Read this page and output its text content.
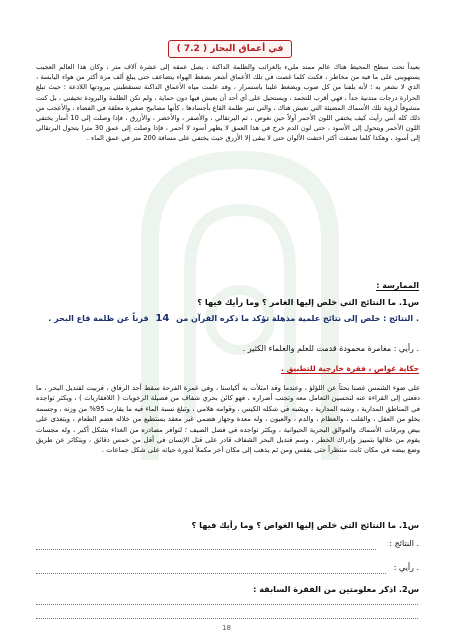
في أعماق البحار ( 7.2 )
بعيداً تحت سطح المحيط هناك عالم ممتد مليء بالغرائب والظلمة الداكنة ، يصل عمقه إلى عشرة آلاف متر ، وكان هذا العالم العجيب يستهوينى على ما فيه من مخاطر ، فكنت كلما غصت في تلك الأعماق أشعر بضغط الهواء يتضاعف حتى يبلغ ألف مرة أكثر من هواء اليابسة ، الذي لا نشعر به ؛ لأنه يلفنا من كل صوب ويضغط علينا باستمرار ، وقد علمت مياه الأعماق الداكنة تستقطبني ببرودتها اللاذعة ؛ حيث تبلغ الحرارة درجات متدنية جداً ، فهي أقرب للتجمد ، ويستحيل على أي أحد أن يعيش فيها دون حماية ، ولم تكن الظلمة والبرودة تخيفني ، بل كنت متشوقاً لرؤية تلك الأسماك المضيئة التي تعيش هناك ، والتي تنير ظلمة القاع بأجسادها ، كأنها مصابيح صغيرة معلقة في الفضاء ، والأعجب من ذلك كله أنني رأيت كيف يختفي اللون الأحمر أولاً حين نغوص ، ثم البرتقالي ، والأصفر ، والأخضر ، والأزرق ، فإذا وصلت إلى 10 أمتار يختفي اللون الأحمر ويتحول إلى الأسود ، حتى لون الدم خرج في هذا العمق لا يظهر أسود لا أحمر ، فإذا وصلت إلى عمق 30 مترا يتحول البرتقالي إلى أسود ، وهكذا كلما تعمقت أكثر اختفت الألوان حتى لا يبقى إلا الأزرق حيث يختفي على مسافة 200 متر في عمق الماء .
الممارسة :
س1. ما النتائج التي خلص إليها الغامر ؟ وما رأيك فيها ؟
. النتائج : خلص إلى نتائج علمية مذهلة تؤكد ما ذكره القرآن من 14 قرناً عن ظلمة قاع البحر .
. رأيي : مغامرة محمودة قدمت للعلم والعلماء الكثير .
حكاية غواص ، فقرة خارجية للتطبيق .
على ضوء الشمس غصنا بحثاً عن اللؤلؤ ، وعندما وقد امتلأت به أكياسنا ، وفي غمرة الفرحة سقط أحد الرفاق ، فربيت لقنديل البحر ، ما دفعني إلى القراءة عنه لتحسين التعامل معه وتجنب أضراره ، فهو كائن بحري شفاف من فصيلة الرخويات ( اللافقاريات ) ، ويكثر تواجده في المناطق المدارية ، وشبه المدارية ، ويشبه في شكله الكيس ، وقوامه هلامي ، وتبلغ نسبة الماء فيه ما يقارب 95% من وزنه ، وجسمه يخلو من العقل ، والقلب ، والعظام ، والدم ، والعيون ، وله معدة وجهاز هضمي غير معقد يستطيع من خلاله هضم الطعام ، ويتغذى على بيض وبرقات الأسماك والعوالق البحرية الحيوانية ، ويكثر تواجده في فصل الصيف ؛ لتوافر مصادره من الغذاء بشكل أكبر ، وله مجسات يقوم من خلالها بتمييز وإدراك الخطر ، وسم قنديل البحر الشفاف قادر على قتل الإنسان في أقل من خمس دقائق ، ويتكاثر عن طريق وضع بيضه في مكان ثابت منتظراً حتى يفقس ومن ثم يذهب إلى مكان آخر مكملاً لدورة حياته على شكل جماعات .
س1. ما النتائج التي خلص إليها الغواص ؟ وما رأيك فيها ؟
. النتائج :
. رأيي :
س2. اذكر معلومتين من الفقرة السابقة :
18
